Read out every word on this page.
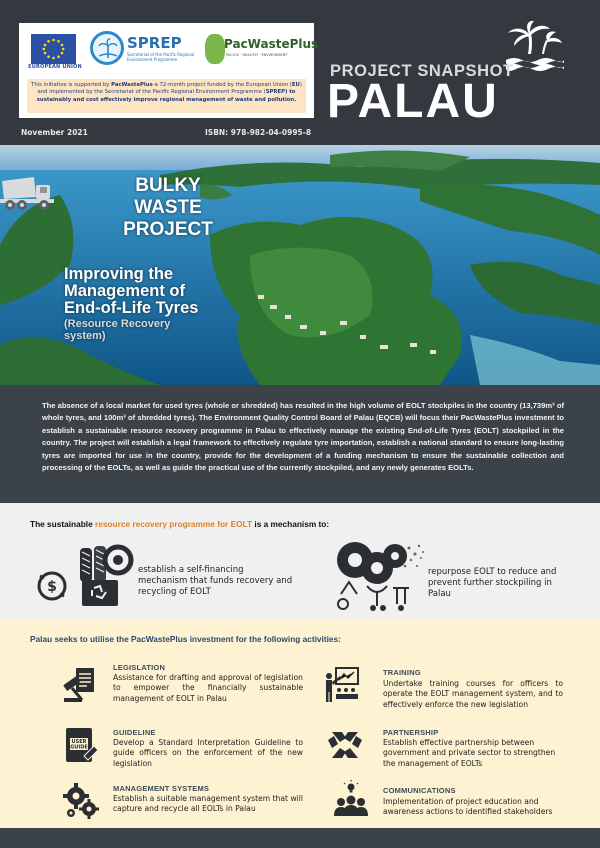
EUROPEAN UNION
SPREP
Secretariat of the Pacific Regional Environment Programme
PacWastePlus
PACIFIC · HEALTHY · ENVIRONMENT
This initiative is supported by PacWastePlus-a 72-month project funded by the European Union (EU)
and implemented by the Secretariat of the Pacific Regional Environment Programme (SPREP) to
sustainably and cost effectively improve regional management of waste and pollution.
PROJECT SNAPSHOT
PALAU
November 2021	ISBN: 978-982-04-0995-8
BULKY
WASTE
PROJECT
Improving the
Management of
End-of-Life Tyres
(Resource Recovery
system)

The absence of a local market for used tyres (whole or shredded) has resulted in the high volume of EOLT stockpiles in the country (13,739m³ of whole tyres, and 100m³ of shredded tyres). The Environment Quality Control Board of Palau (EQCB) will focus their PacWastePlus investment to establish a sustainable resource recovery programme in Palau to effectively manage the existing End-of-Life Tyres (EOLT) stockpiled in the country. The project will establish a legal framework to effectively regulate tyre importation, establish a national standard to ensure long-lasting tyres are imported for use in the country, provide for the development of a funding mechanism to ensure the sustainable collection and processing of the EOLTs, as well as guide the practical use of the currently stockpiled, and any newly generates EOLTs.

The sustainable resource recovery programme for EOLT is a mechanism to:
$
establish a self-financing mechanism that funds recovery and recycling of EOLT
repurpose EOLT to reduce and prevent further stockpiling in Palau
Palau seeks to utilise the PacWastePlus investment for the following activities:
LEGISLATION
Assistance for drafting and approval of legislation to empower the financially sustainable management of EOLT in Palau
USER
GUIDE
GUIDELINE
Develop a Standard Interpretation Guideline to guide officers on the enforcement of the new legislation
MANAGEMENT SYSTEMS
Establish a suitable management system that will capture and recycle all EOLTs in Palau
TRAINING
Undertake training courses for officers to operate the EOLT management system, and to effectively enforce the new legislation
PARTNERSHIP
Establish effective partnership between government and private sector to strengthen the management of EOLTs
COMMUNICATIONS
Implementation of project education and awareness actions to identified stakeholders
